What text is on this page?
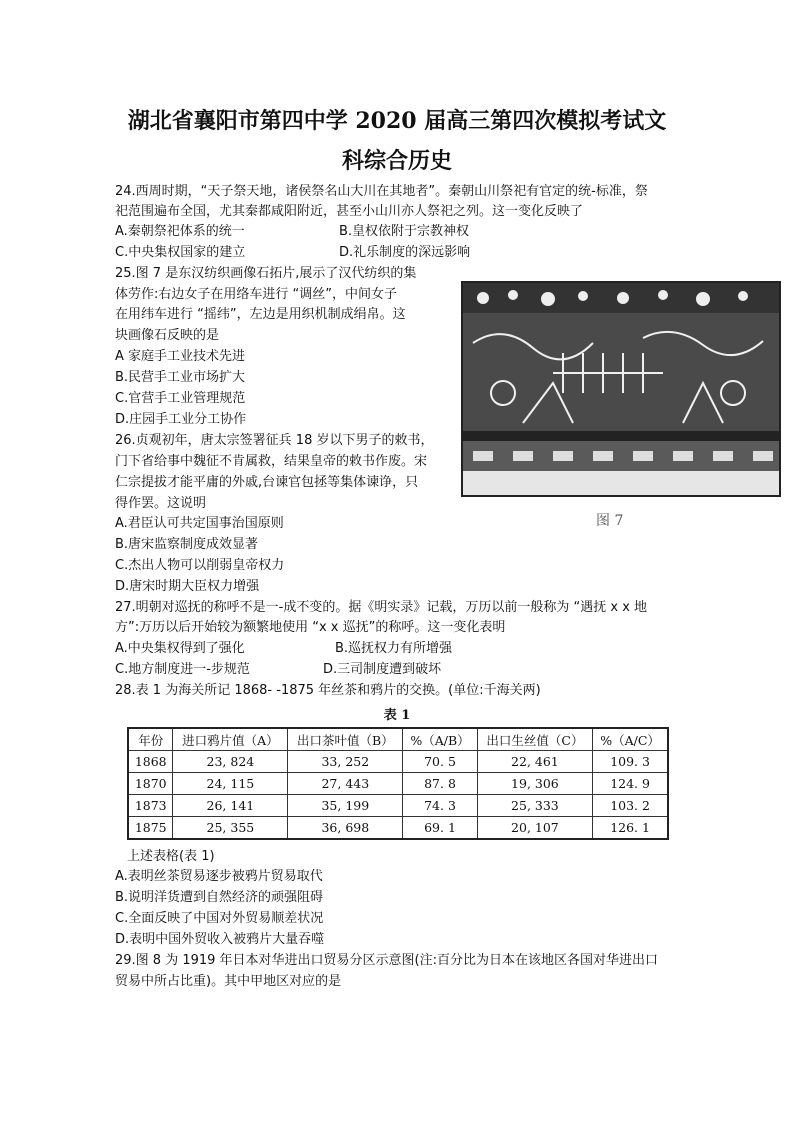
湖北省襄阳市第四中学 2020 届高三第四次模拟考试文
科综合历史
24.西周时期，“天子祭天地，诸侯祭名山大川在其地者”。秦朝山川祭祀有官定的统-标准，祭
祀范围遍布全国，尤其秦都咸阳附近，甚至小山川亦人祭祀之列。这一变化反映了
A.秦朝祭祀体系的统一	B.皇权依附于宗教神权
C.中央集权国家的建立	D.礼乐制度的深远影响
25.图 7 是东汉纺织画像石拓片,展示了汉代纺织的集
体劳作:右边女子在用络车进行 “调丝”，中间女子
在用纬车进行 “摇纬”，左边是用织机制成绢帛。这
块画像石反映的是
A 家庭手工业技术先进
B.民营手工业市场扩大
C.官营手工业管理规范
D.庄园手工业分工协作
图 7
26.贞观初年，唐太宗签署征兵 18 岁以下男子的敕书，
门下省给事中魏征不肯属救，结果皇帝的敕书作废。宋
仁宗提拔才能平庸的外戚,台谏官包拯等集体谏诤，只
得作罢。这说明
A.君臣认可共定国事治国原则
B.唐宋监察制度成效显著
C.杰出人物可以削弱皇帝权力
D.唐宋时期大臣权力增强
27.明朝对巡抚的称呼不是一-成不变的。据《明实录》记载，万历以前一般称为 “遇抚 x x 地
方”:万历以后开始较为额繁地使用 “x x 巡抚”的称呼。这一变化表明
A.中央集权得到了强化	B.巡抚权力有所增强
C.地方制度进一-步规范	D.三司制度遭到破坏
28.表 1 为海关所记 1868- -1875 年丝茶和鸦片的交换。(单位:千海关两)
表 1
年份	进口鸦片值（A）	出口茶叶值（B）	%（A/B）	出口生丝值（C）	%（A/C）
1868	23, 824	33, 252	70. 5	22, 461	109. 3
1870	24, 115	27, 443	87. 8	19, 306	124. 9
1873	26, 141	35, 199	74. 3	25, 333	103. 2
1875	25, 355	36, 698	69. 1	20, 107	126. 1
上述表格(表 1)
A.表明丝茶贸易逐步被鸦片贸易取代
B.说明洋货遭到自然经济的顽强阻碍
C.全面反映了中国对外贸易顺差状况
D.表明中国外贸收入被鸦片大量吞噬
29.图 8 为 1919 年日本对华进出口贸易分区示意图(注:百分比为日本在该地区各国对华进出口
贸易中所占比重)。其中甲地区对应的是
